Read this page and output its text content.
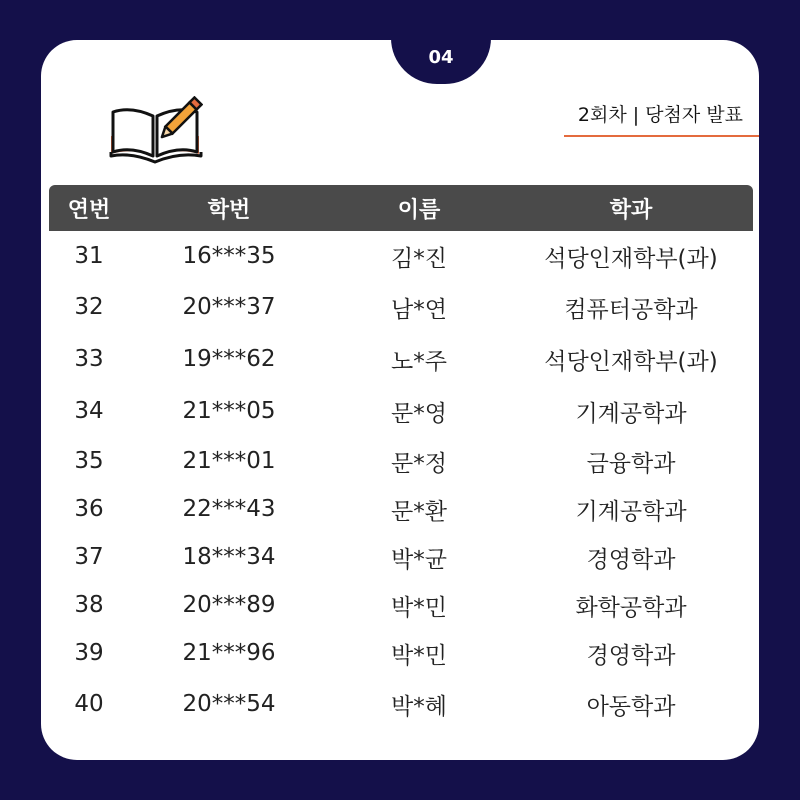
04
2회차 | 당첨자 발표
연번	학번	이름	학과
31	16***35	김*진	석당인재학부(과)
32	20***37	남*연	컴퓨터공학과
33	19***62	노*주	석당인재학부(과)
34	21***05	문*영	기계공학과
35	21***01	문*정	금융학과
36	22***43	문*환	기계공학과
37	18***34	박*균	경영학과
38	20***89	박*민	화학공학과
39	21***96	박*민	경영학과
40	20***54	박*혜	아동학과
